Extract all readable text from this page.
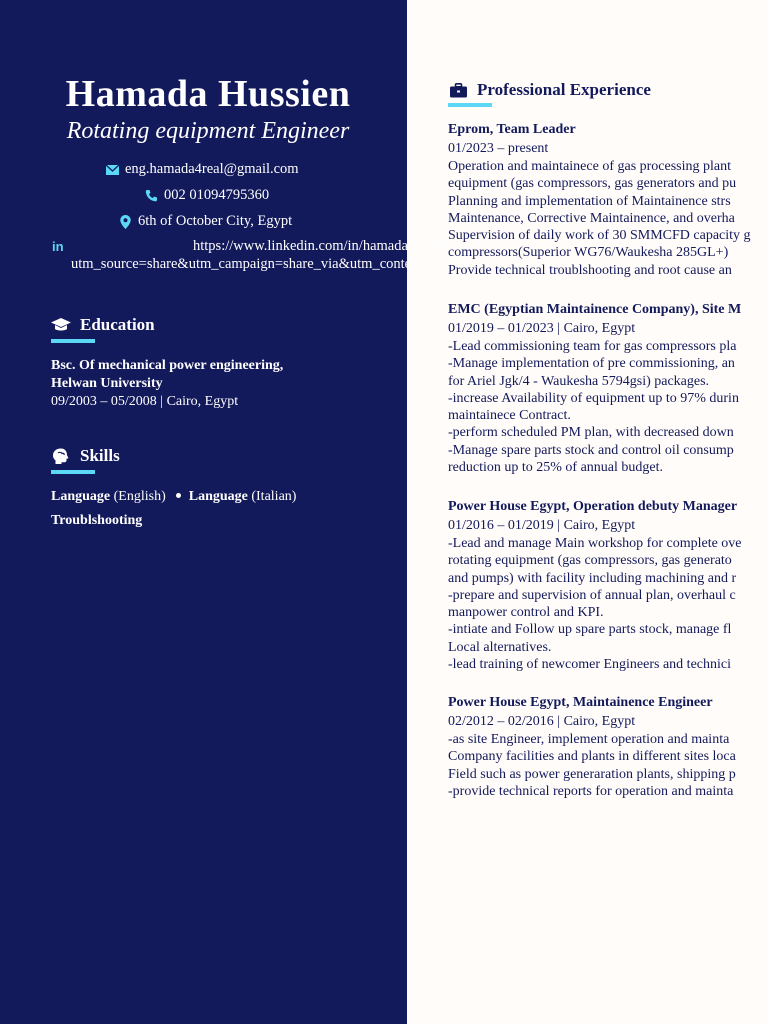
Hamada Hussien
Rotating equipment Engineer
eng.hamada4real@gmail.com
002 01094795360
6th of October City, Egypt
in	https://www.linkedin.com/in/hamada-hussien-
utm_source=share&utm_campaign=share_via&utm_content=profile
Education
Bsc. Of mechanical power engineering,
Helwan University
09/2003 – 05/2008 | Cairo, Egypt
Skills
Language (English) Language (Italian)
Troublshooting
Professional Experience
Eprom, Team Leader
01/2023 – present
Operation and maintainece of gas processing plant
equipment (gas compressors, gas generators and pu
Planning and implementation of Maintainence strs
Maintenance, Corrective Maintainence, and overha
Supervision of daily work of 30 SMMCFD capacity g
compressors(Superior WG76/Waukesha 285GL+)
Provide technical troublshooting and root cause an
EMC (Egyptian Maintainence Company), Site M
01/2019 – 01/2023 | Cairo, Egypt
-Lead commissioning team for gas compressors pla
-Manage implementation of pre commissioning, an
for Ariel Jgk/4 - Waukesha 5794gsi) packages.
-increase Availability of equipment up to 97% durin
maintainece Contract.
-perform scheduled PM plan, with decreased down
-Manage spare parts stock and control oil consump
reduction up to 25% of annual budget.
Power House Egypt, Operation debuty Manager
01/2016 – 01/2019 | Cairo, Egypt
-Lead and manage Main workshop for complete ove
rotating equipment (gas compressors, gas generato
and pumps) with facility including machining and r
-prepare and supervision of annual plan, overhaul c
manpower control and KPI.
-intiate and Follow up spare parts stock, manage fl
Local alternatives.
-lead training of newcomer Engineers and technici
Power House Egypt, Maintainence Engineer
02/2012 – 02/2016 | Cairo, Egypt
-as site Engineer, implement operation and mainta
Company facilities and plants in different sites loca
Field such as power generaration plants, shipping p
-provide technical reports for operation and mainta
